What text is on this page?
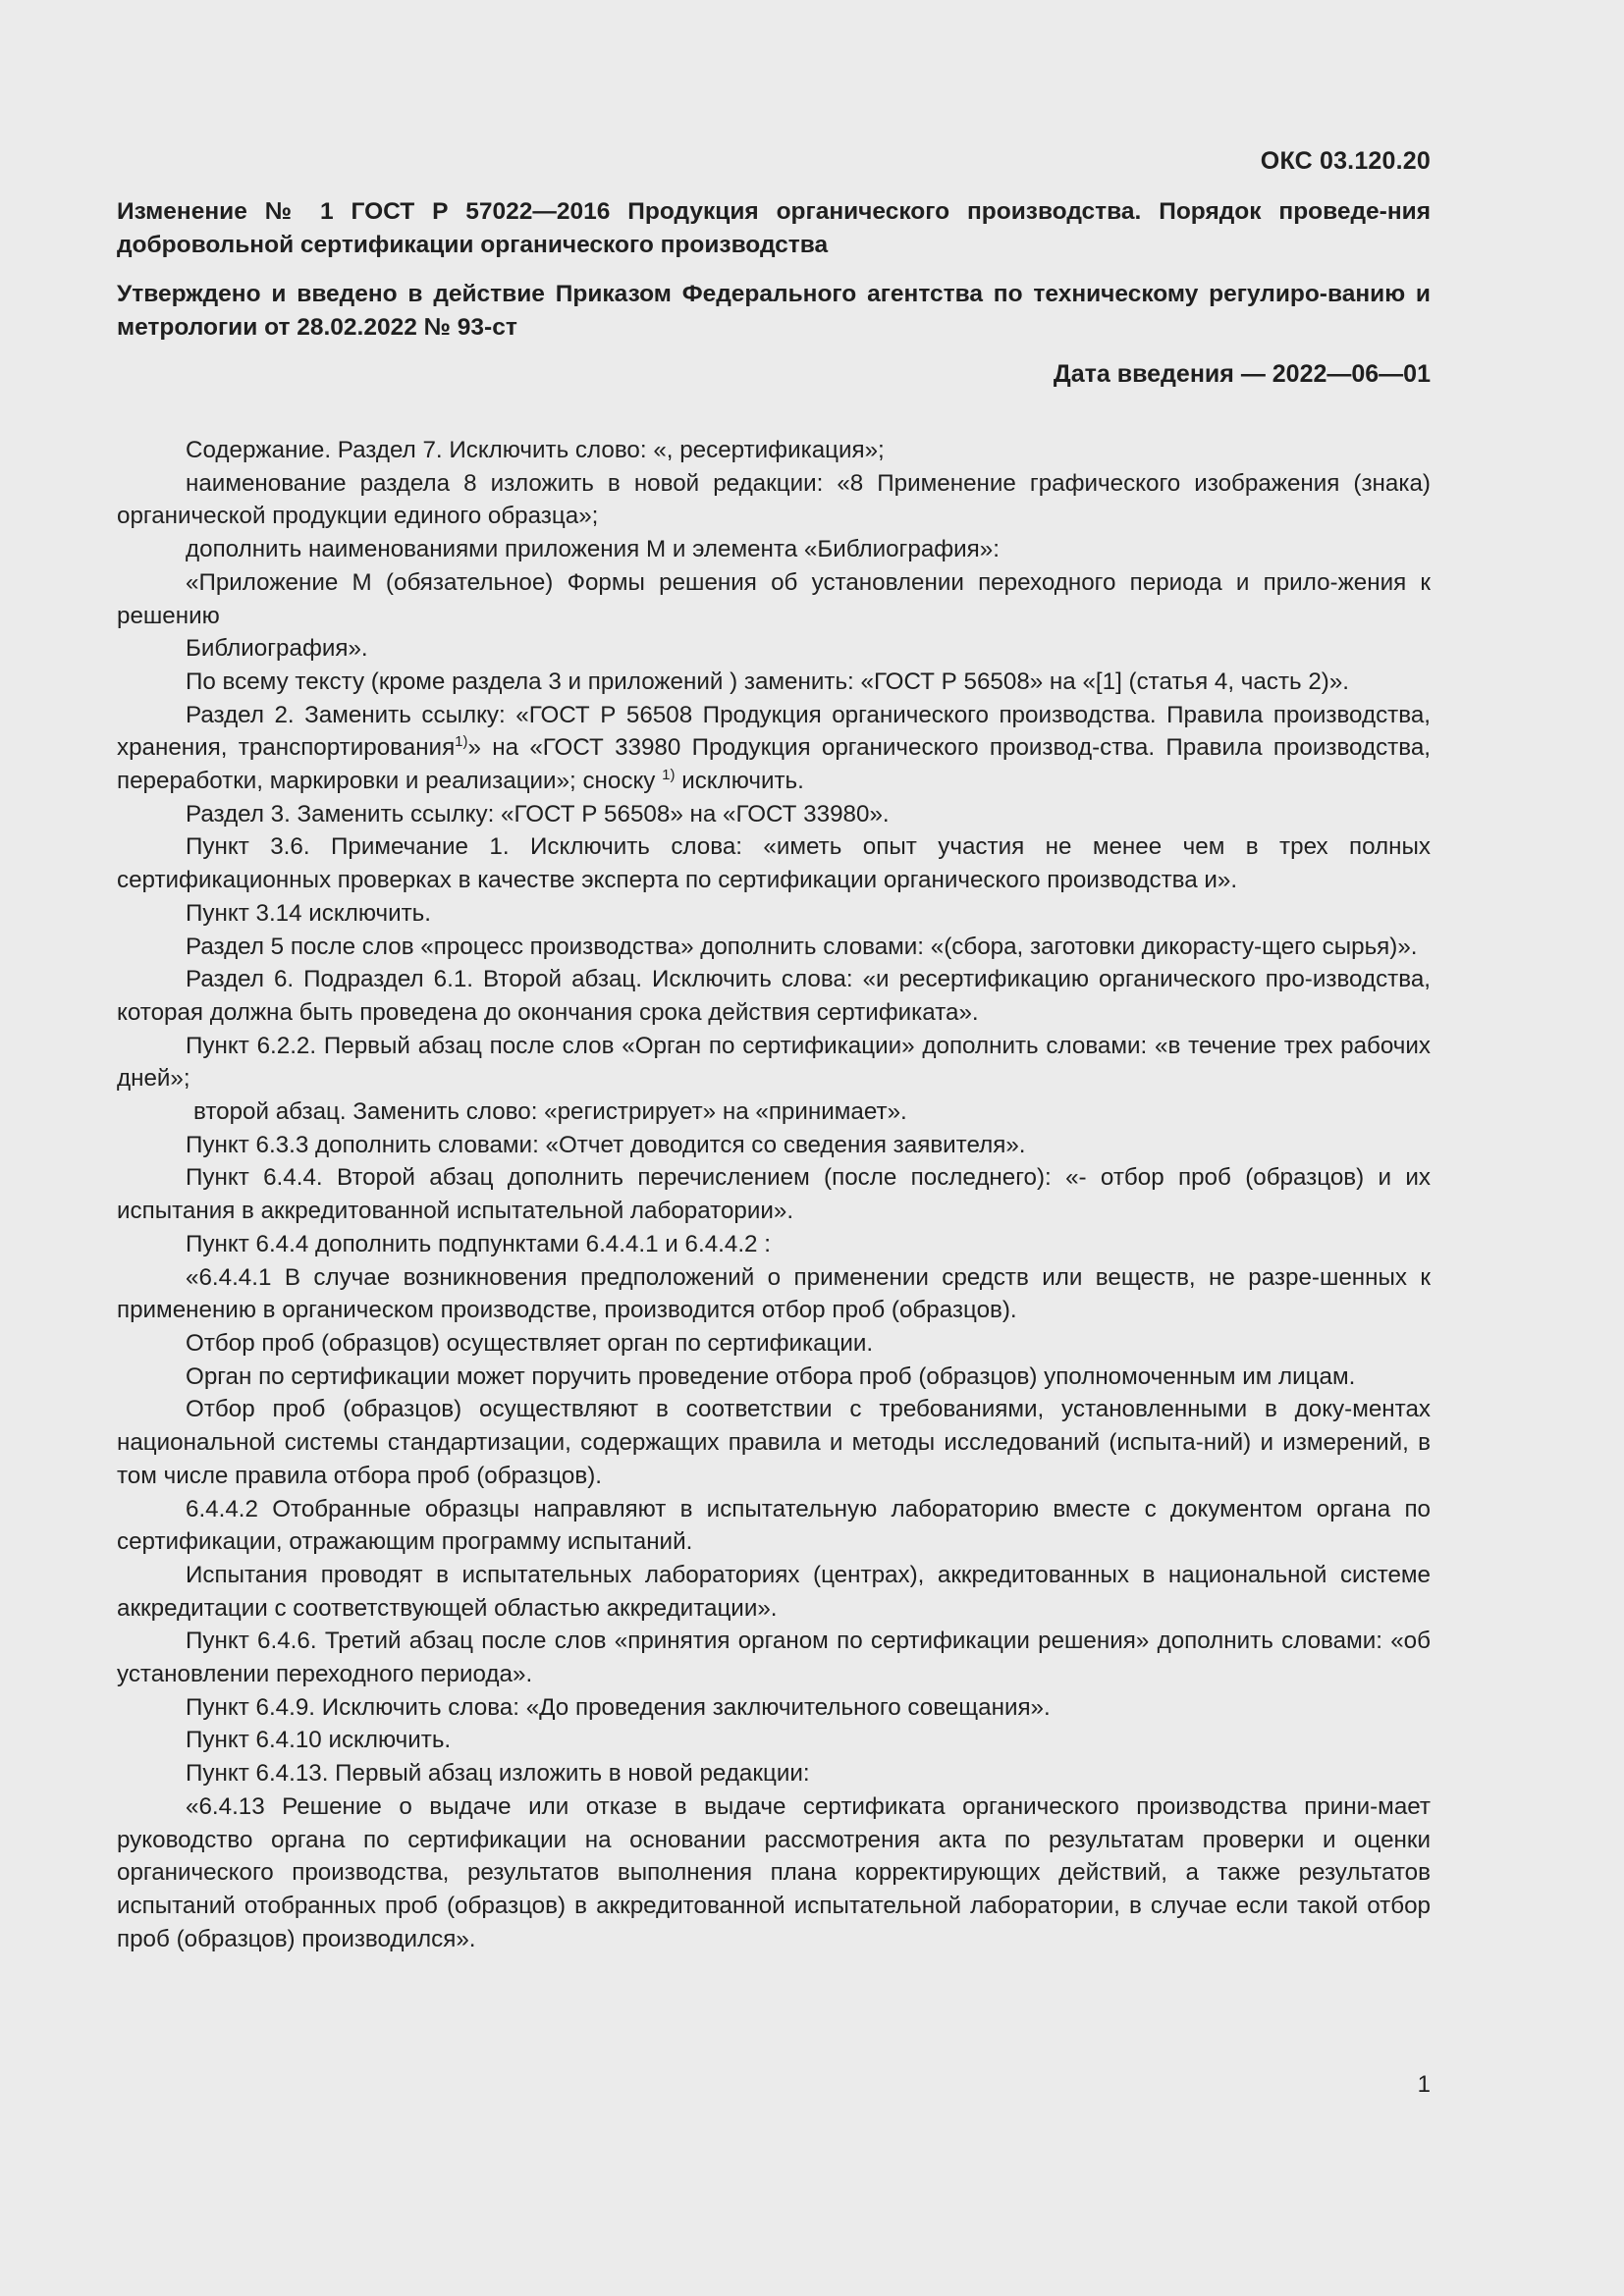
ОКС 03.120.20
Изменение № 1 ГОСТ Р 57022—2016 Продукция органического производства. Порядок проведе-ния добровольной сертификации органического производства
Утверждено и введено в действие Приказом Федерального агентства по техническому регулиро-ванию и метрологии от 28.02.2022 № 93-ст
Дата введения — 2022—06—01

Содержание. Раздел 7. Исключить слово: «, ресертификация»;

наименование раздела 8 изложить в новой редакции: «8 Применение графического изображения (знака) органической продукции единого образца»;

дополнить наименованиями приложения М и элемента «Библиография»:

«Приложение М (обязательное) Формы решения об установлении переходного периода и прило-жения к решению

Библиография».

По всему тексту (кроме раздела 3 и приложений ) заменить: «ГОСТ Р 56508» на «[1] (статья 4, часть 2)».

Раздел 2. Заменить ссылку: «ГОСТ Р 56508 Продукция органического производства. Правила производства, хранения, транспортирования$^{1)}$» на «ГОСТ 33980 Продукция органического производ-ства. Правила производства, переработки, маркировки и реализации»; сноску $^{1)}$ исключить.

Раздел 3. Заменить ссылку: «ГОСТ Р 56508» на «ГОСТ 33980».

Пункт 3.6. Примечание 1. Исключить слова: «иметь опыт участия не менее чем в трех полных сертификационных проверках в качестве эксперта по сертификации органического производства и».

Пункт 3.14 исключить.

Раздел 5 после слов «процесс производства» дополнить словами: «(сбора, заготовки дикорасту-щего сырья)».

Раздел 6. Подраздел 6.1. Второй абзац. Исключить слова: «и ресертификацию органического про-изводства, которая должна быть проведена до окончания срока действия сертификата».

Пункт 6.2.2. Первый абзац после слов «Орган по сертификации» дополнить словами: «в течение трех рабочих дней»;

второй абзац. Заменить слово: «регистрирует» на «принимает».

Пункт 6.3.3 дополнить словами: «Отчет доводится со сведения заявителя».

Пункт 6.4.4. Второй абзац дополнить перечислением (после последнего): «- отбор проб (образцов) и их испытания в аккредитованной испытательной лаборатории».

Пункт 6.4.4 дополнить подпунктами 6.4.4.1 и 6.4.4.2 :

«6.4.4.1 В случае возникновения предположений о применении средств или веществ, не разре-шенных к применению в органическом производстве, производится отбор проб (образцов).

Отбор проб (образцов) осуществляет орган по сертификации.

Орган по сертификации может поручить проведение отбора проб (образцов) уполномоченным им лицам.

Отбор проб (образцов) осуществляют в соответствии с требованиями, установленными в доку-ментах национальной системы стандартизации, содержащих правила и методы исследований (испыта-ний) и измерений, в том числе правила отбора проб (образцов).

6.4.4.2 Отобранные образцы направляют в испытательную лабораторию вместе с документом органа по сертификации, отражающим программу испытаний.

Испытания проводят в испытательных лабораториях (центрах), аккредитованных в национальной системе аккредитации с соответствующей областью аккредитации».

Пункт 6.4.6. Третий абзац после слов «принятия органом по сертификации решения» дополнить словами: «об установлении переходного периода».

Пункт 6.4.9. Исключить слова: «До проведения заключительного совещания».

Пункт 6.4.10 исключить.

Пункт 6.4.13. Первый абзац изложить в новой редакции:

«6.4.13 Решение о выдаче или отказе в выдаче сертификата органического производства прини-мает руководство органа по сертификации на основании рассмотрения акта по результатам проверки и оценки органического производства, результатов выполнения плана корректирующих действий, а также результатов испытаний отобранных проб (образцов) в аккредитованной испытательной лаборатории, в случае если такой отбор проб (образцов) производился».

1
